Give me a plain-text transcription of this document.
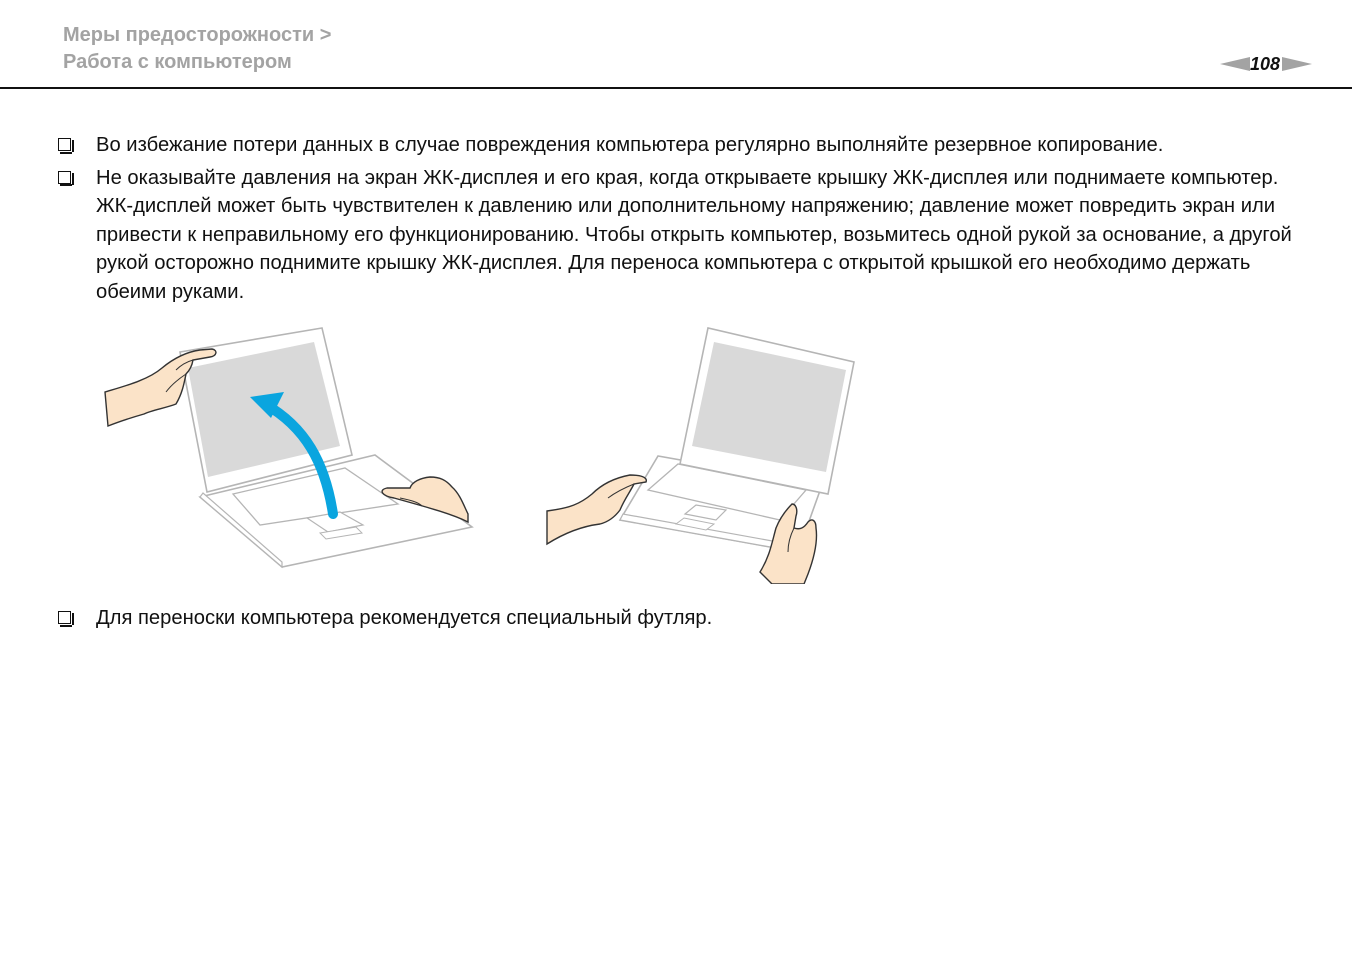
Меры предосторожности >
Работа с компьютером	108
Во избежание потери данных в случае повреждения компьютера регулярно выполняйте резервное копирование.
Не оказывайте давления на экран ЖК-дисплея и его края, когда открываете крышку ЖК-дисплея или поднимаете компьютер. ЖК-дисплей может быть чувствителен к давлению или дополнительному напряжению; давление может повредить экран или привести к неправильному его функционированию. Чтобы открыть компьютер, возьмитесь одной рукой за основание, а другой рукой осторожно поднимите крышку ЖК-дисплея. Для переноса компьютера с открытой крышкой его необходимо держать обеими руками.
Для переноски компьютера рекомендуется специальный футляр.
